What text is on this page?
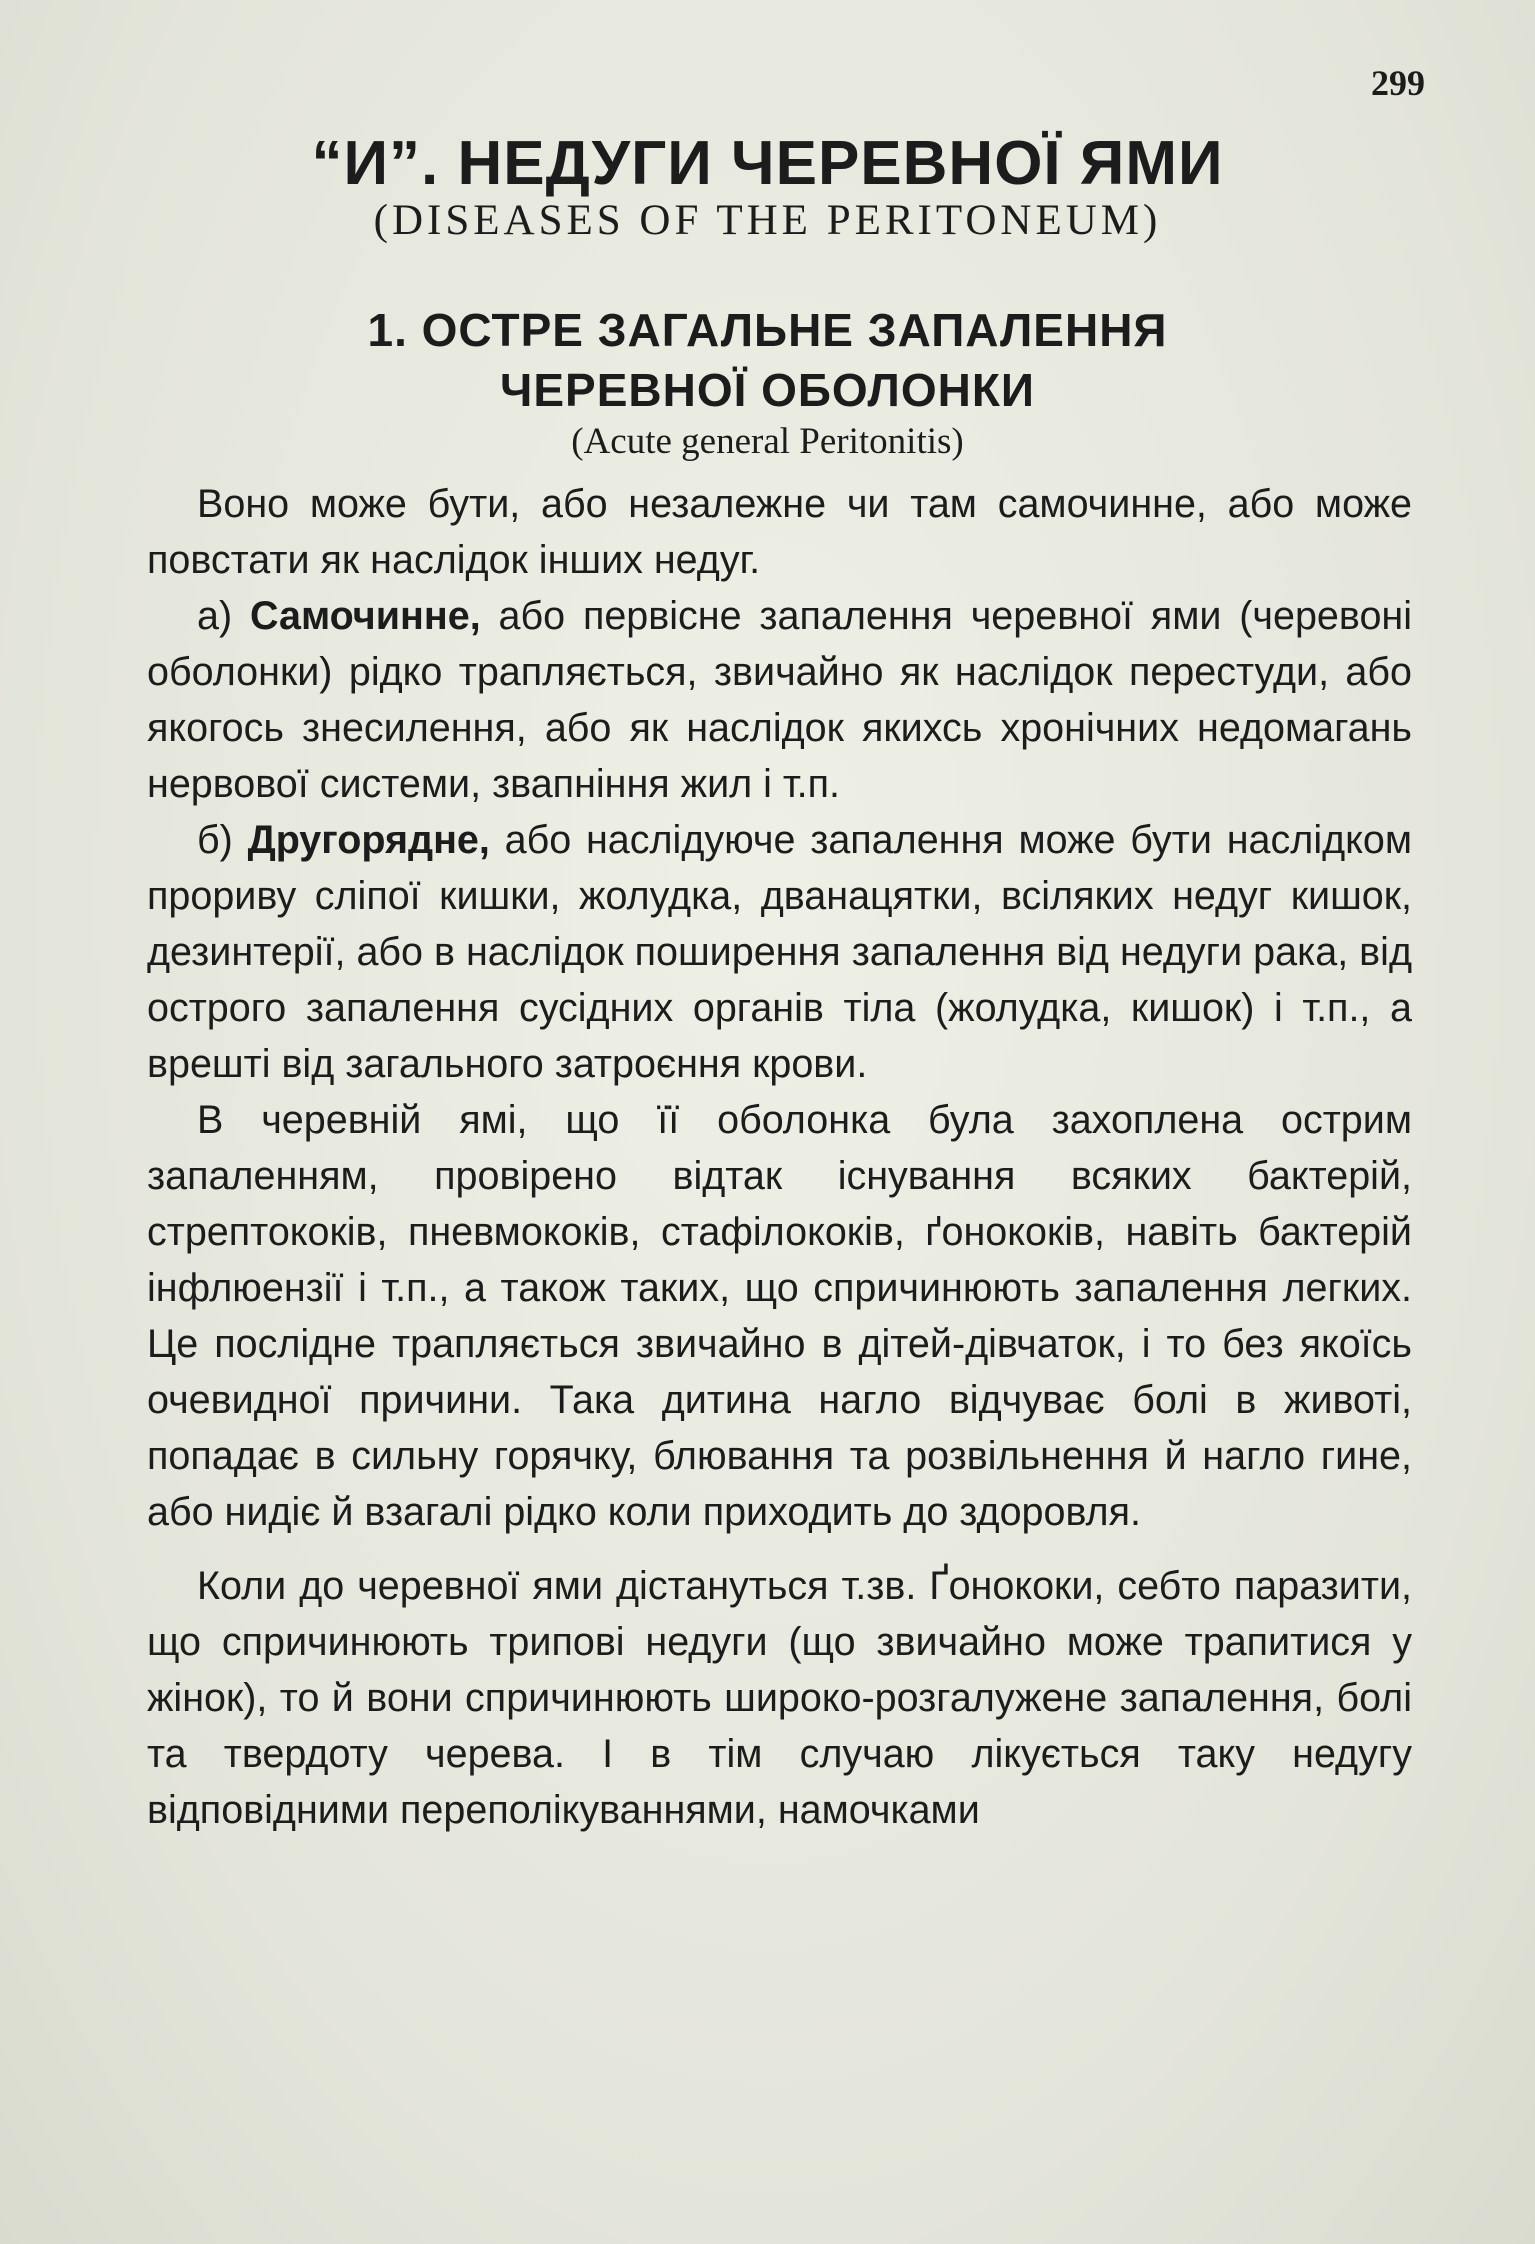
299
“И”. НЕДУГИ ЧЕРЕВНОЇ ЯМИ
(DISEASES OF THE PERITONEUM)
1. ОСТРЕ ЗАГАЛЬНЕ ЗАПАЛЕННЯ
ЧЕРЕВНОЇ ОБОЛОНКИ
(Acute general Peritonitis)

Воно може бути, або незалежне чи там самочинне, або може повстати як наслідок інших недуг.

а) Самочинне, або первісне запалення черевної ями (черевоні оболонки) рідко трапляється, звичайно як наслідок перестуди, або якогось знесилення, або як наслідок якихсь хронічних недомагань нервової системи, звапніння жил і т.п.

б) Другорядне, або наслідуюче запалення може бути наслідком прориву сліпої кишки, жолудка, дванацятки, всіляких недуг кишок, дезинтерії, або в наслідок поширення запалення від недуги рака, від острого запалення сусідних органів тіла (жолудка, кишок) і т.п., а врешті від загального затроєння крови.

В черевній ямі, що її оболонка була захоплена острим запаленням, провірено відтак існування всяких бактерій, стрептококів, пневмококів, стафілококів, ґонококів, навіть бактерій інфлюензії і т.п., а також таких, що спричинюють запалення легких. Це послідне трапляється звичайно в дітей-дівчаток, і то без якоїсь очевидної причини. Така дитина нагло відчуває болі в животі, попадає в сильну горячку, блювання та розвільнення й нагло гине, або нидіє й взагалі рідко коли приходить до здоровля.

Коли до черевної ями дістануться т.зв. Ґонококи, себто паразити, що спричинюють трипові недуги (що звичайно може трапитися у жінок), то й вони спричинюють широко-розгалужене запалення, болі та твердоту черева. І в тім случаю лікується таку недугу відповідними переполікуваннями, намочками
